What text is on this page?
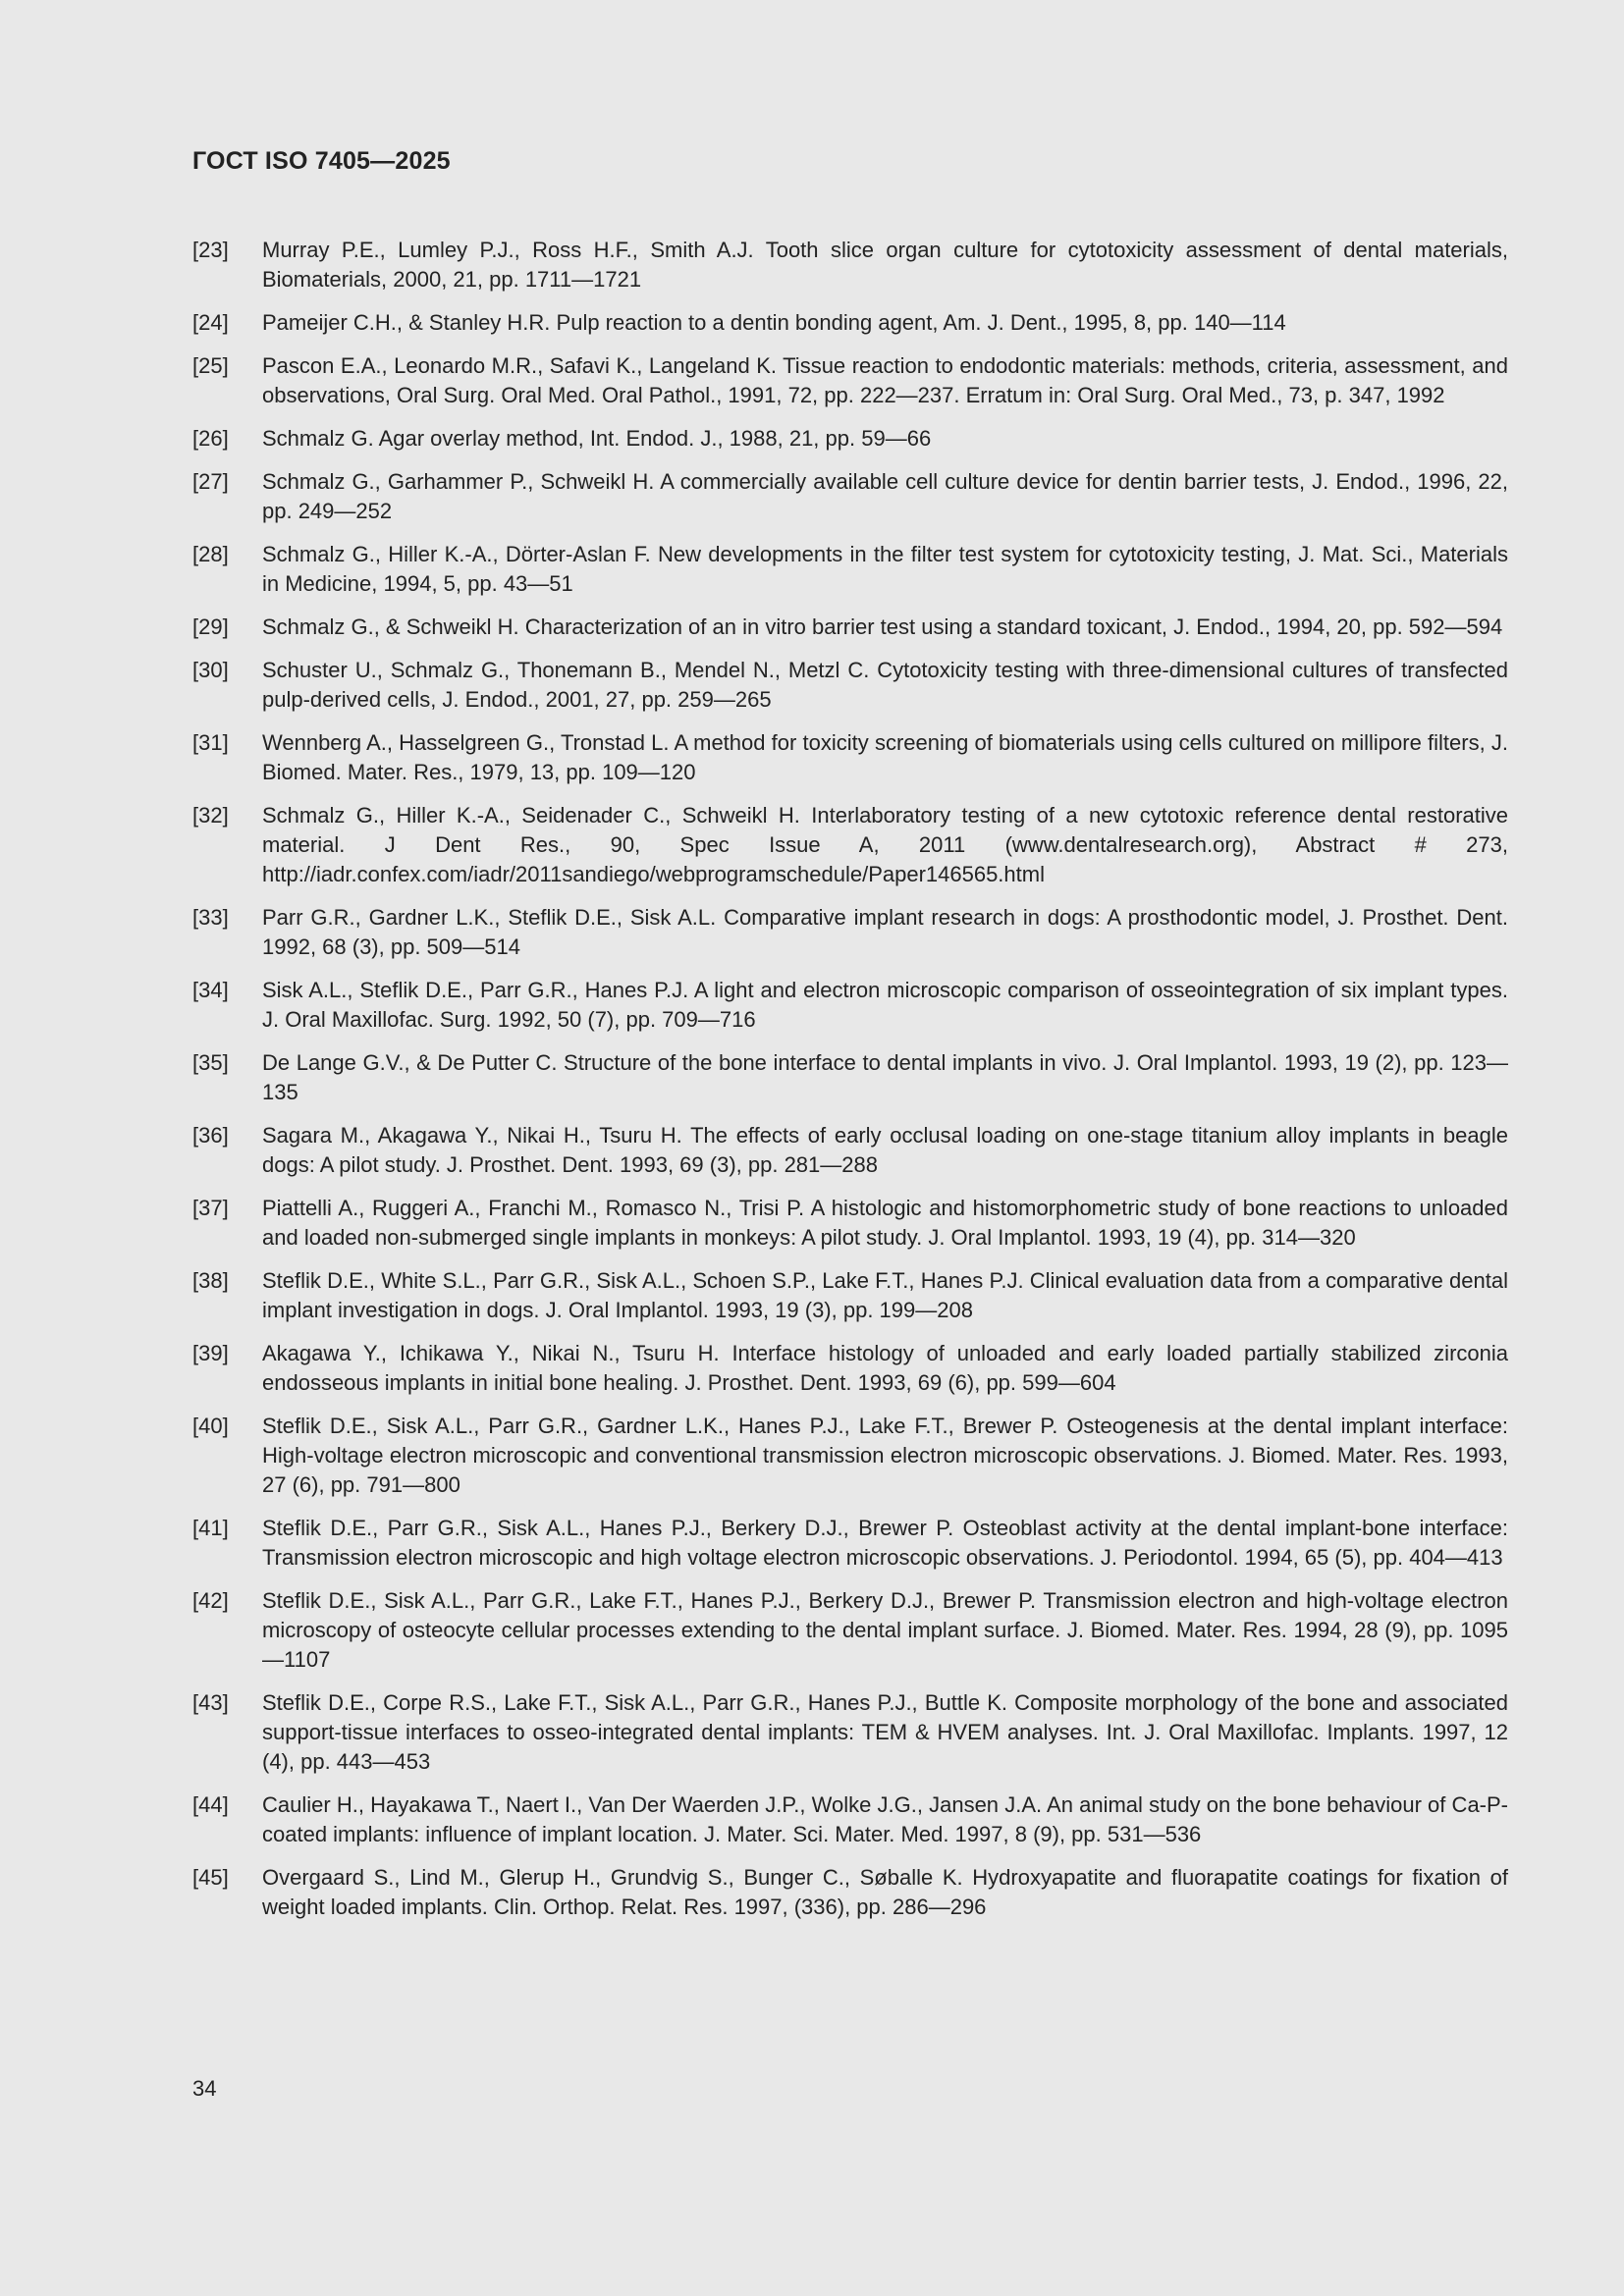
ГОСТ ISO 7405—2025
[23]	Murray P.E., Lumley P.J., Ross H.F., Smith A.J. Tooth slice organ culture for cytotoxicity assessment of dental materials, Biomaterials, 2000, 21, pp. 1711—1721
[24]	Pameijer C.H., & Stanley H.R. Pulp reaction to a dentin bonding agent, Am. J. Dent., 1995, 8, pp. 140—114
[25]	Pascon E.A., Leonardo M.R., Safavi K., Langeland K. Tissue reaction to endodontic materials: methods, criteria, assessment, and observations, Oral Surg. Oral Med. Oral Pathol., 1991, 72, pp. 222—237. Erratum in: Oral Surg. Oral Med., 73, p. 347, 1992
[26]	Schmalz G. Agar overlay method, Int. Endod. J., 1988, 21, pp. 59—66
[27]	Schmalz G., Garhammer P., Schweikl H. A commercially available cell culture device for dentin barrier tests, J. Endod., 1996, 22, pp. 249—252
[28]	Schmalz G., Hiller K.-A., Dörter-Aslan F. New developments in the filter test system for cytotoxicity testing, J. Mat. Sci., Materials in Medicine, 1994, 5, pp. 43—51
[29]	Schmalz G., & Schweikl H. Characterization of an in vitro barrier test using a standard toxicant, J. Endod., 1994, 20, pp. 592—594
[30]	Schuster U., Schmalz G., Thonemann B., Mendel N., Metzl C. Cytotoxicity testing with three-dimensional cultures of transfected pulp-derived cells, J. Endod., 2001, 27, pp. 259—265
[31]	Wennberg A., Hasselgreen G., Tronstad L. A method for toxicity screening of biomaterials using cells cultured on millipore filters, J. Biomed. Mater. Res., 1979, 13, pp. 109—120
[32]	Schmalz G., Hiller K.-A., Seidenader C., Schweikl H. Interlaboratory testing of a new cytotoxic reference dental restorative material. J Dent Res., 90, Spec Issue A, 2011 (www.dentalresearch.org), Abstract # 273, http://iadr.confex.com/iadr/2011sandiego/webprogramschedule/Paper146565.html
[33]	Parr G.R., Gardner L.K., Steflik D.E., Sisk A.L. Comparative implant research in dogs: A prosthodontic model, J. Prosthet. Dent. 1992, 68 (3), pp. 509—514
[34]	Sisk A.L., Steflik D.E., Parr G.R., Hanes P.J. A light and electron microscopic comparison of osseointegration of six implant types. J. Oral Maxillofac. Surg. 1992, 50 (7), pp. 709—716
[35]	De Lange G.V., & De Putter C. Structure of the bone interface to dental implants in vivo. J. Oral Implantol. 1993, 19 (2), pp. 123—135
[36]	Sagara M., Akagawa Y., Nikai H., Tsuru H. The effects of early occlusal loading on one-stage titanium alloy implants in beagle dogs: A pilot study. J. Prosthet. Dent. 1993, 69 (3), pp. 281—288
[37]	Piattelli A., Ruggeri A., Franchi M., Romasco N., Trisi P. A histologic and histomorphometric study of bone reactions to unloaded and loaded non-submerged single implants in monkeys: A pilot study. J. Oral Implantol. 1993, 19 (4), pp. 314—320
[38]	Steflik D.E., White S.L., Parr G.R., Sisk A.L., Schoen S.P., Lake F.T., Hanes P.J. Clinical evaluation data from a comparative dental implant investigation in dogs. J. Oral Implantol. 1993, 19 (3), pp. 199—208
[39]	Akagawa Y., Ichikawa Y., Nikai N., Tsuru H. Interface histology of unloaded and early loaded partially stabilized zirconia endosseous implants in initial bone healing. J. Prosthet. Dent. 1993, 69 (6), pp. 599—604
[40]	Steflik D.E., Sisk A.L., Parr G.R., Gardner L.K., Hanes P.J., Lake F.T., Brewer P. Osteogenesis at the dental implant interface: High-voltage electron microscopic and conventional transmission electron microscopic observations. J. Biomed. Mater. Res. 1993, 27 (6), pp. 791—800
[41]	Steflik D.E., Parr G.R., Sisk A.L., Hanes P.J., Berkery D.J., Brewer P. Osteoblast activity at the dental implant-bone interface: Transmission electron microscopic and high voltage electron microscopic observations. J. Periodontol. 1994, 65 (5), pp. 404—413
[42]	Steflik D.E., Sisk A.L., Parr G.R., Lake F.T., Hanes P.J., Berkery D.J., Brewer P. Transmission electron and high-voltage electron microscopy of osteocyte cellular processes extending to the dental implant surface. J. Biomed. Mater. Res. 1994, 28 (9), pp. 1095—1107
[43]	Steflik D.E., Corpe R.S., Lake F.T., Sisk A.L., Parr G.R., Hanes P.J., Buttle K. Composite morphology of the bone and associated support-tissue interfaces to osseo-integrated dental implants: TEM & HVEM analyses. Int. J. Oral Maxillofac. Implants. 1997, 12 (4), pp. 443—453
[44]	Caulier H., Hayakawa T., Naert I., Van Der Waerden J.P., Wolke J.G., Jansen J.A. An animal study on the bone behaviour of Ca-P-coated implants: influence of implant location. J. Mater. Sci. Mater. Med. 1997, 8 (9), pp. 531—536
[45]	Overgaard S., Lind M., Glerup H., Grundvig S., Bunger C., Søballe K. Hydroxyapatite and fluorapatite coatings for fixation of weight loaded implants. Clin. Orthop. Relat. Res. 1997, (336), pp. 286—296
34
